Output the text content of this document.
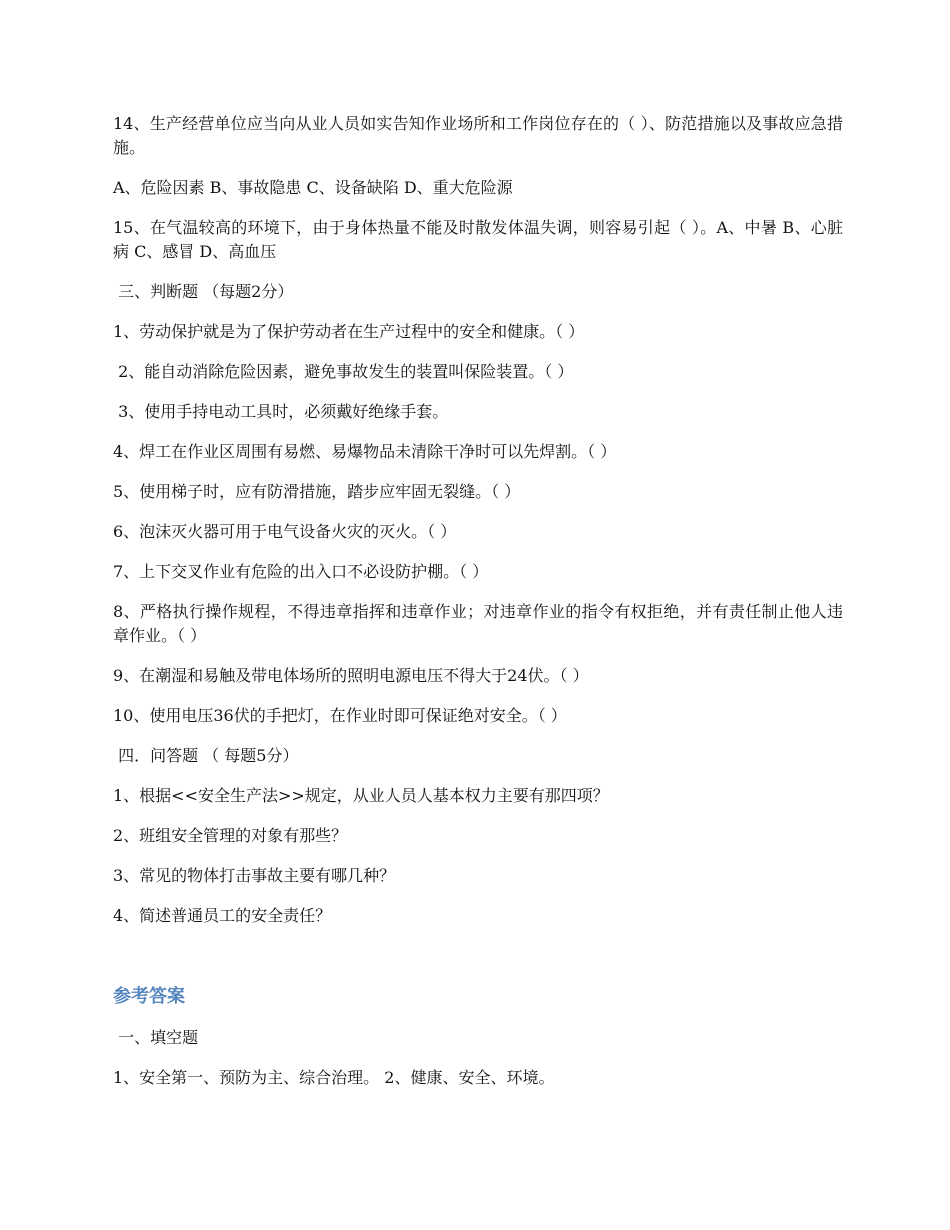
14、生产经营单位应当向从业人员如实告知作业场所和工作岗位存在的（ ）、防范措施以及事故应急措施。
A、危险因素 B、事故隐患 C、设备缺陷 D、重大危险源
15、在气温较高的环境下，由于身体热量不能及时散发体温失调，则容易引起（ ）。A、中暑 B、心脏病 C、感冒 D、高血压
三、判断题 （每题2分）
1、劳动保护就是为了保护劳动者在生产过程中的安全和健康。（ ）
2、能自动消除危险因素，避免事故发生的装置叫保险装置。（ ）
3、使用手持电动工具时，必须戴好绝缘手套。
4、焊工在作业区周围有易燃、易爆物品未清除干净时可以先焊割。（ ）
5、使用梯子时，应有防滑措施，踏步应牢固无裂缝。（ ）
6、泡沫灭火器可用于电气设备火灾的灭火。（ ）
7、上下交叉作业有危险的出入口不必设防护棚。（ ）
8、严格执行操作规程，不得违章指挥和违章作业；对违章作业的指令有权拒绝，并有责任制止他人违章作业。（ ）
9、在潮湿和易触及带电体场所的照明电源电压不得大于24伏。（ ）
10、使用电压36伏的手把灯，在作业时即可保证绝对安全。（ ）
四．问答题 （ 每题5分）
1、根据<<安全生产法>>规定，从业人员人基本权力主要有那四项？
2、班组安全管理的对象有那些？
3、常见的物体打击事故主要有哪几种？
4、简述普通员工的安全责任？
参考答案
一、填空题
1、安全第一、预防为主、综合治理。 2、健康、安全、环境。
